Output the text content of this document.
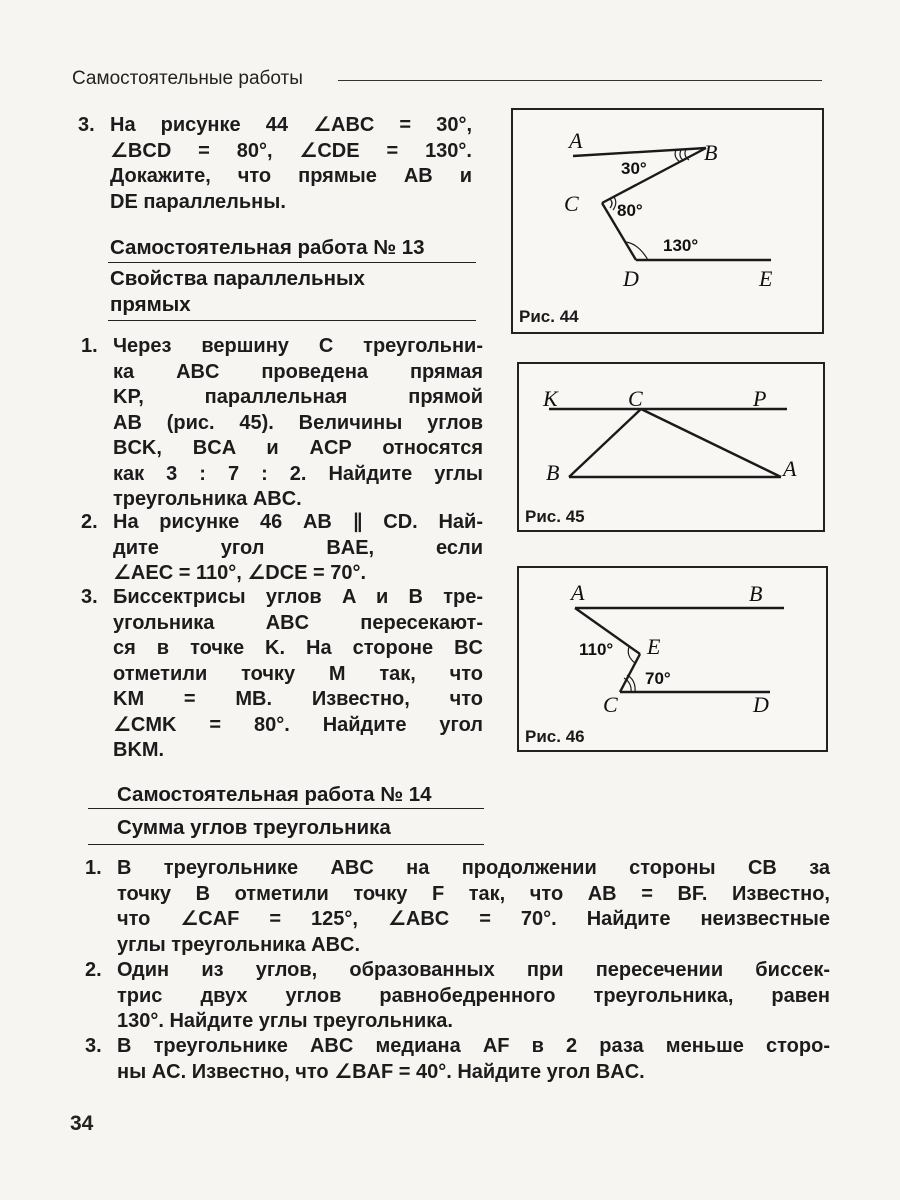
Самостоятельные работы
3. На рисунке 44 ∠ABC = 30°,
∠BCD = 80°, ∠CDE = 130°.
Докажите, что прямые AB и
DE параллельны.
Самостоятельная работа № 13
Свойства параллельных
прямых
1. Через вершину C треугольни-
ка ABC проведена прямая
KP, параллельная прямой
AB (рис. 45). Величины углов
BCK, BCA и ACP относятся
как 3 : 7 : 2. Найдите углы
треугольника ABC.
2. На рисунке 46 AB ∥ CD. Най-
дите угол BAE, если
∠AEC = 110°, ∠DCE = 70°.
3. Биссектрисы углов A и B тре-
угольника ABC пересекают-
ся в точке K. На стороне BC
отметили точку M так, что
KM = MB. Известно, что
∠CMK = 80°. Найдите угол
BKM.
A	B
C
D	E
30°
80°
130°
Рис. 44
K	C	P
B	A
Рис. 45
A	B
E
C	D
110°
70°
Рис. 46
Самостоятельная работа № 14
Сумма углов треугольника
1. В треугольнике ABC на продолжении стороны CB за
точку B отметили точку F так, что AB = BF. Известно,
что ∠CAF = 125°, ∠ABC = 70°. Найдите неизвестные
углы треугольника ABC.
2. Один из углов, образованных при пересечении биссек-
трис двух углов равнобедренного треугольника, равен
130°. Найдите углы треугольника.
3. В треугольнике ABC медиана AF в 2 раза меньше сторо-
ны AC. Известно, что ∠BAF = 40°. Найдите угол BAC.
34
